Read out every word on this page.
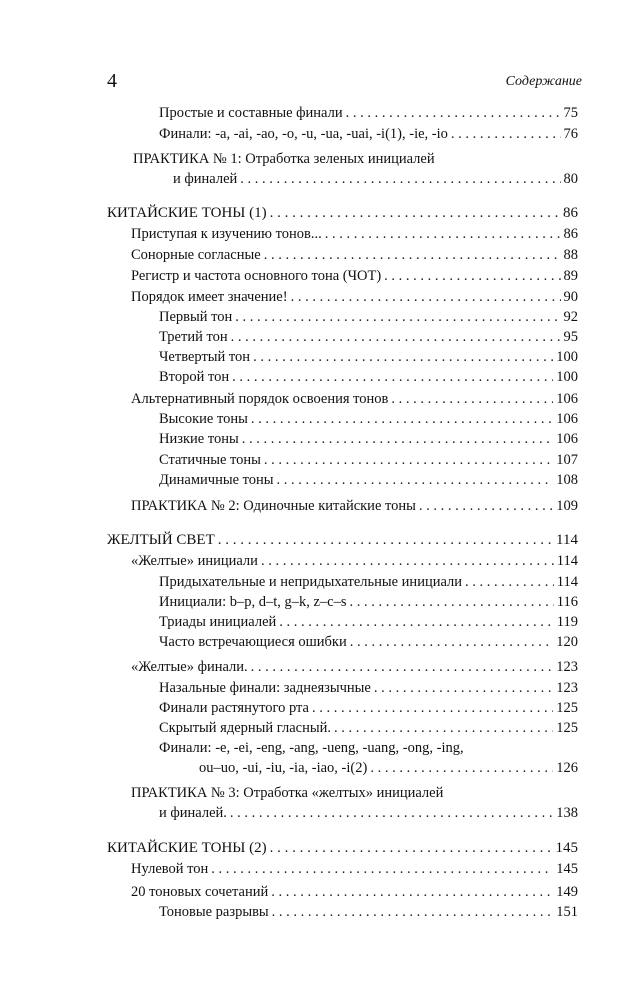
4	Содержание
Простые и составные финали . . .	75
Финали: -a, -ai, -ao, -o, -u, -ua, -uai, -i(1), -ie, -io . . .	76
ПРАКТИКА № 1: Отработка зеленых инициалей
и финалей . . .	80
КИТАЙСКИЕ ТОНЫ (1) . . .	86
Приступая к изучению тонов... . . .	86
Сонорные согласные . . .	88
Регистр и частота основного тона (ЧОТ) . . .	89
Порядок имеет значение! . . .	90
Первый тон . . .	92
Третий тон . . .	95
Четвертый тон . . .	100
Второй тон . . .	100
Альтернативный порядок освоения тонов . . .	106
Высокие тоны . . .	106
Низкие тоны . . .	106
Статичные тоны . . .	107
Динамичные тоны . . .	108
ПРАКТИКА № 2: Одиночные китайские тоны . . .	109
ЖЕЛТЫЙ СВЕТ . . .	114
«Желтые» инициали . . .	114
Придыхательные и непридыхательные инициали . . .	114
Инициали: b–p, d–t, g–k, z–c–s . . .	116
Триады инициалей . . .	119
Часто встречающиеся ошибки . . .	120
«Желтые» финали. . . .	123
Назальные финали: заднеязычные . . .	123
Финали растянутого рта . . .	125
Скрытый ядерный гласный. . . .	125
Финали: -e, -ei, -eng, -ang, -ueng, -uang, -ong, -ing,
ou–uo, -ui, -iu, -ia, -iao, -i(2) . . .	126
ПРАКТИКА № 3: Отработка «желтых» инициалей
и финалей. . . .	138
КИТАЙСКИЕ ТОНЫ (2) . . .	145
Нулевой тон . . .	145
20 тоновых сочетаний . . .	149
Тоновые разрывы . . .	151
